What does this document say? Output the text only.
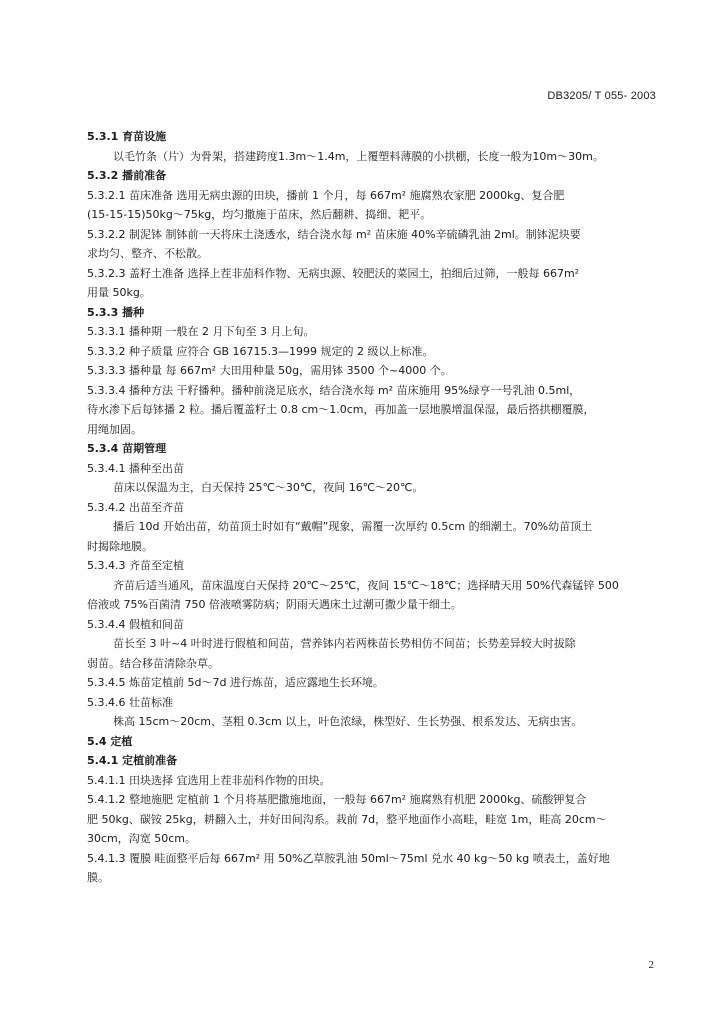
DB3205/ T 055- 2003
5.3.1 育苗设施
以毛竹条（片）为骨架，搭建跨度1.3m～1.4m，上覆塑料薄膜的小拱棚，长度一般为10m～30m。
5.3.2 播前准备
5.3.2.1 苗床准备 选用无病虫源的田块，播前 1 个月，每 667m² 施腐熟农家肥 2000kg、复合肥
(15-15-15)50kg～75kg，均匀撒施于苗床，然后翻耕、捣细、耙平。
5.3.2.2 制泥钵 制钵前一天将床土浇透水，结合浇水每 m² 苗床施 40%辛硫磷乳油 2ml。制钵泥块要
求均匀、整齐、不松散。
5.3.2.3 盖籽土准备 选择上茬非茄科作物、无病虫源、较肥沃的菜园土，拍细后过筛，一般每 667m²
用量 50kg。
5.3.3 播种
5.3.3.1 播种期 一般在 2 月下旬至 3 月上旬。
5.3.3.2 种子质量 应符合 GB 16715.3—1999 规定的 2 级以上标准。
5.3.3.3 播种量 每 667m² 大田用种量 50g，需用钵 3500 个~4000 个。
5.3.3.4 播种方法 干籽播种。播种前浇足底水，结合浇水每 m² 苗床施用 95%绿亨一号乳油 0.5ml，
待水渗下后每钵播 2 粒。播后覆盖籽土 0.8 cm～1.0cm，再加盖一层地膜增温保湿，最后搭拱棚覆膜，
用绳加固。
5.3.4 苗期管理
5.3.4.1 播种至出苗
苗床以保温为主，白天保持 25℃～30℃，夜间 16℃～20℃。
5.3.4.2 出苗至齐苗
播后 10d 开始出苗，幼苗顶土时如有“戴帽”现象，需覆一次厚约 0.5cm 的细潮土。70%幼苗顶土
时揭除地膜。
5.3.4.3 齐苗至定植
齐苗后适当通风，苗床温度白天保持 20℃～25℃，夜间 15℃～18℃；选择晴天用 50%代森锰锌 500
倍液或 75%百菌清 750 倍液喷雾防病；阴雨天遇床土过潮可撒少量干细土。
5.3.4.4 假植和间苗
苗长至 3 叶~4 叶时进行假植和间苗，营养钵内若两株苗长势相仿不间苗；长势差异较大时拔除
弱苗。结合移苗清除杂草。
5.3.4.5 炼苗定植前 5d～7d 进行炼苗，适应露地生长环境。
5.3.4.6 壮苗标准
株高 15cm～20cm、茎粗 0.3cm 以上，叶色浓绿，株型好、生长势强、根系发达、无病虫害。
5.4 定植
5.4.1 定植前准备
5.4.1.1 田块选择 宜选用上茬非茄科作物的田块。
5.4.1.2 整地施肥 定植前 1 个月将基肥撒施地面，一般每 667m² 施腐熟有机肥 2000kg、硫酸钾复合
肥 50kg、碳铵 25kg，耕翻入土，并好田间沟系。栽前 7d，整平地面作小高畦，畦宽 1m，畦高 20cm～
30cm，沟宽 50cm。
5.4.1.3 覆膜 畦面整平后每 667m² 用 50%乙草胺乳油 50ml～75ml 兑水 40 kg～50 kg 喷表土，盖好地
膜。
2
